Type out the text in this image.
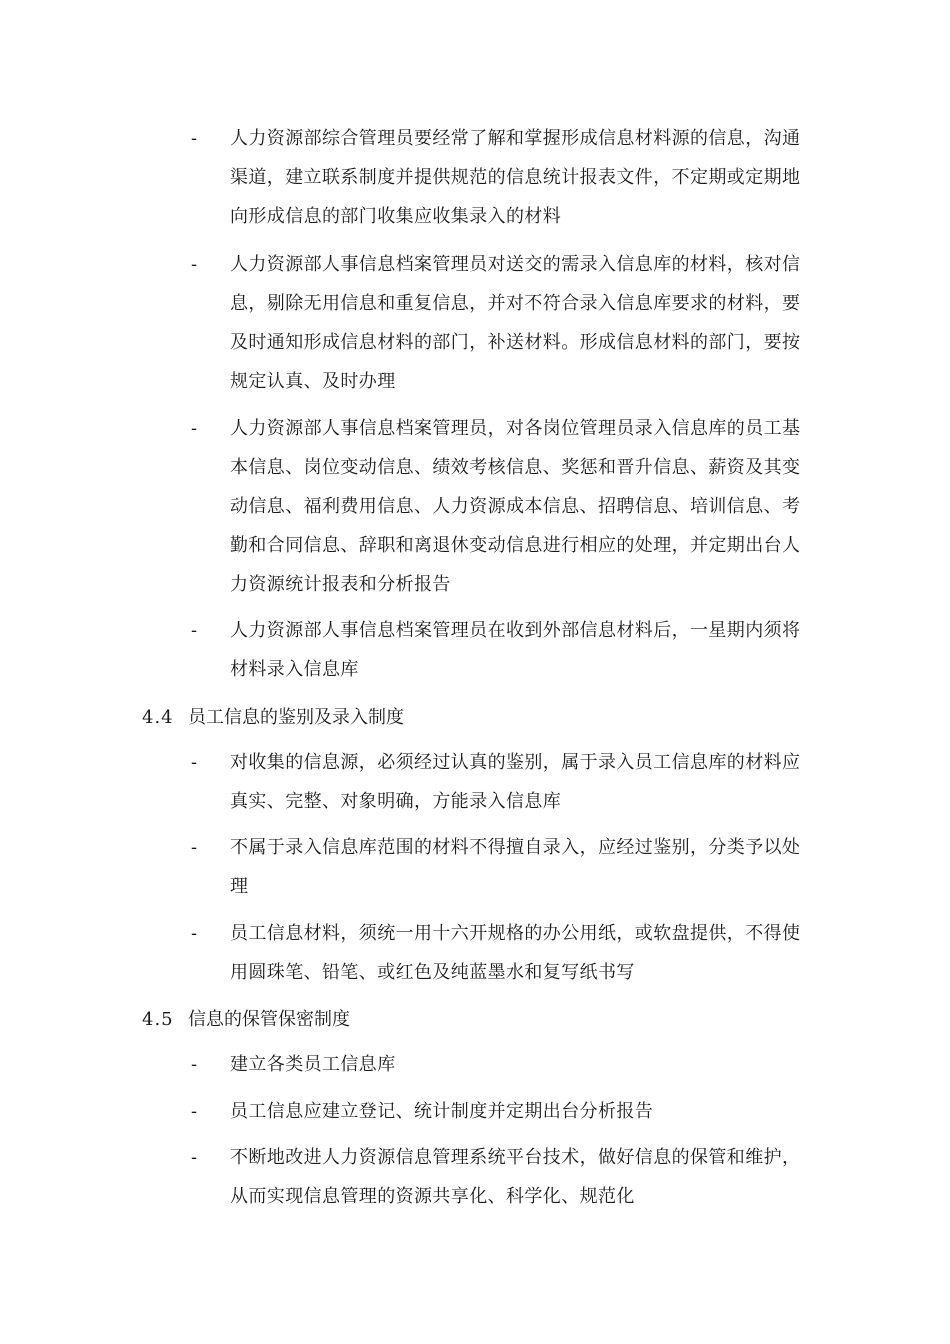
- 人力资源部综合管理员要经常了解和掌握形成信息材料源的信息，沟通渠道，建立联系制度并提供规范的信息统计报表文件，不定期或定期地向形成信息的部门收集应收集录入的材料
- 人力资源部人事信息档案管理员对送交的需录入信息库的材料，核对信息，剔除无用信息和重复信息，并对不符合录入信息库要求的材料，要及时通知形成信息材料的部门，补送材料。形成信息材料的部门，要按规定认真、及时办理
- 人力资源部人事信息档案管理员，对各岗位管理员录入信息库的员工基本信息、岗位变动信息、绩效考核信息、奖惩和晋升信息、薪资及其变动信息、福利费用信息、人力资源成本信息、招聘信息、培训信息、考勤和合同信息、辞职和离退休变动信息进行相应的处理，并定期出台人力资源统计报表和分析报告
- 人力资源部人事信息档案管理员在收到外部信息材料后，一星期内须将材料录入信息库
4.4 员工信息的鉴别及录入制度
- 对收集的信息源，必须经过认真的鉴别，属于录入员工信息库的材料应真实、完整、对象明确，方能录入信息库
- 不属于录入信息库范围的材料不得擅自录入，应经过鉴别，分类予以处理
- 员工信息材料，须统一用十六开规格的办公用纸，或软盘提供，不得使用圆珠笔、铅笔、或红色及纯蓝墨水和复写纸书写
4.5 信息的保管保密制度
- 建立各类员工信息库
- 员工信息应建立登记、统计制度并定期出台分析报告
- 不断地改进人力资源信息管理系统平台技术，做好信息的保管和维护，从而实现信息管理的资源共享化、科学化、规范化
